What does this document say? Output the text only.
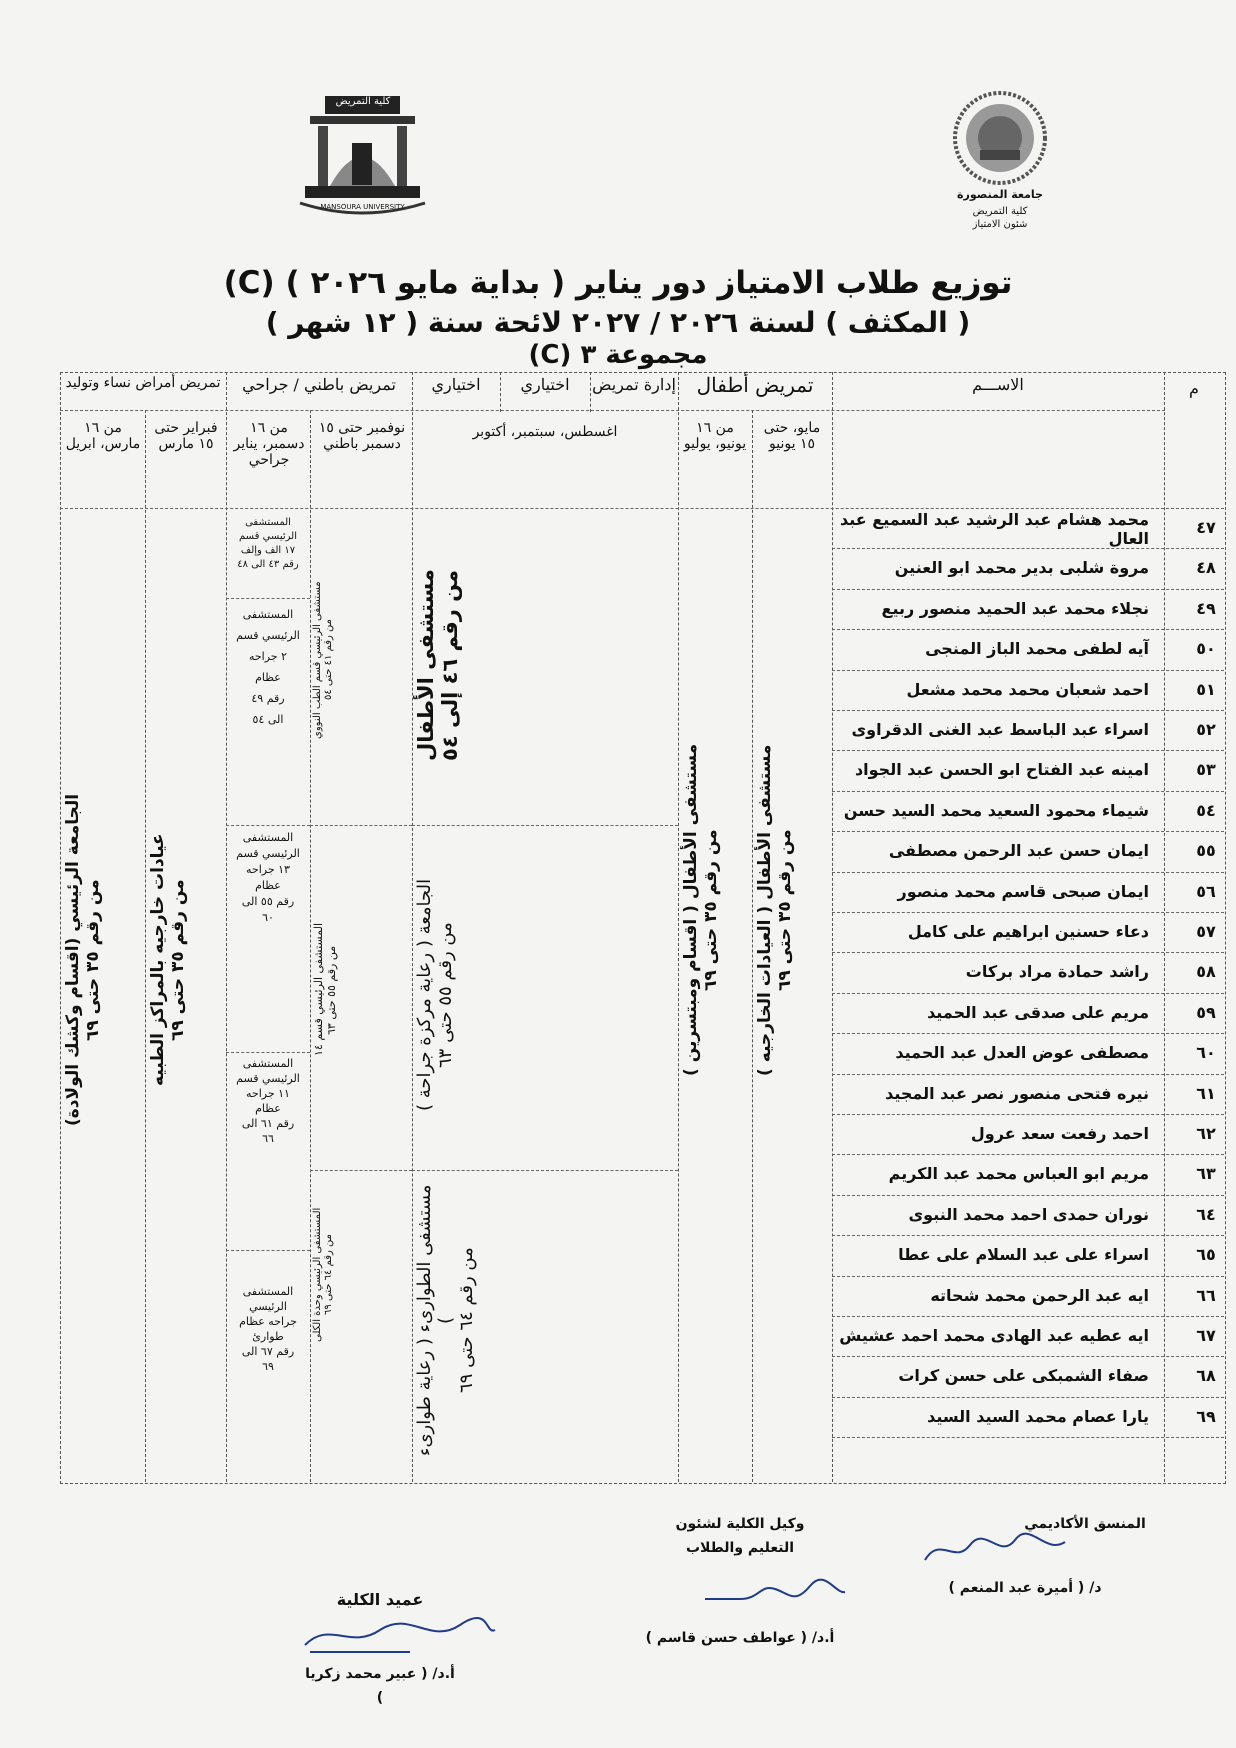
كلية التمريض
MANSOURA UNIVERSITY
جامعة المنصورة
كلية التمريض
شئون الامتياز
توزيع طلاب الامتياز دور يناير ( بداية مايو ٢٠٢٦ ) (C)
( المكثف ) لسنة ٢٠٢٦ / ٢٠٢٧ لائحة سنة ( ١٢ شهر )
مجموعة ٣ (C)
م
الاســـم
تمريض أطفال
إدارة تمريض
اختياري
اختياري
تمريض باطني / جراحي
تمريض أمراض نساء وتوليد
مايو، حتى ١٥ يونيو
من ١٦ يونيو، يوليو
اغسطس، سبتمبر، أكتوبر
نوفمبر حتى ١٥ دسمبر باطني
من ١٦ دسمبر، يناير جراحي
فبراير حتى ١٥ مارس
من ١٦ مارس، ابريل
٤٧
محمد هشام عبد الرشيد عبد السميع عبد العال
٤٨
مروة شلبى بدير محمد ابو العنين
٤٩
نجلاء محمد عبد الحميد منصور ربيع
٥٠
آيه لطفى محمد الباز المنجى
٥١
احمد شعبان محمد محمد مشعل
٥٢
اسراء عبد الباسط عبد الغنى الدقراوى
٥٣
امينه عبد الفتاح ابو الحسن عبد الجواد
٥٤
شيماء محمود السعيد محمد السيد حسن
٥٥
ايمان حسن عبد الرحمن مصطفى
٥٦
ايمان صبحى قاسم محمد منصور
٥٧
دعاء حسنين ابراهيم على كامل
٥٨
راشد حمادة مراد بركات
٥٩
مريم على صدقى عبد الحميد
٦٠
مصطفى عوض العدل عبد الحميد
٦١
نيره فتحى منصور نصر عبد المجيد
٦٢
احمد رفعت سعد عرول
٦٣
مريم ابو العباس محمد عبد الكريم
٦٤
نوران حمدى احمد محمد النبوى
٦٥
اسراء على عبد السلام على عطا
٦٦
ايه عبد الرحمن محمد شحاته
٦٧
ايه عطيه عبد الهادى محمد احمد عشيش
٦٨
صفاء الشمبكى على حسن كرات
٦٩
يارا عصام محمد السيد السيد
مستشفى الأطفال ( العيادات الخارجيه )
من رقم ٣٥ حتى ٦٩
مستشفى الأطفال ( اقسام ومبتسرين )
من رقم ٣٥ حتى ٦٩
مستشفى الأطفال
من رقم ٤٦ إلى ٥٤
الجامعة ( رعاية مركزة جراحة )
من رقم ٥٥ حتى ٦٣
مستشفى الطوارىء ( رعاية طوارىء )
من رقم ٦٤ حتى ٦٩
مستشفى الرئيسي قسم الطب النووي
من رقم ٤١ حتى ٥٤
المستشفى الرئيسي قسم ١٤
من رقم ٥٥ حتى ٦٣
المستشفى الرئيسي وحدة الكلى
من رقم ٦٤ حتى ٦٩
المستشفى
الرئيسي قسم
١٧ الف وإلف
رقم ٤٣ الى ٤٨
المستشفى
الرئيسي قسم
٢ جراحه
عظام
رقم ٤٩
الى ٥٤
المستشفى
الرئيسي قسم
١٣ جراحه
عظام
رقم ٥٥ الى
٦٠
المستشفى
الرئيسي قسم
١١ جراحه
عظام
رقم ٦١ الى
٦٦
المستشفى
الرئيسي
جراحه عظام
طوارئ
رقم ٦٧ الى
٦٩
عيادات خارجيه بالمراكز الطبيه
من رقم ٣٥ حتى ٦٩
الجامعة الرئيسي (اقسام وكشك الولادة)
من رقم ٣٥ حتى ٦٩
المنسق الأكاديمي
د/ ( أميرة عبد المنعم )
وكيل الكلية لشئون
التعليم والطلاب
أ.د/ ( عواطف حسن قاسم )
عميد الكلية
أ.د/ ( عبير محمد زكريا )
